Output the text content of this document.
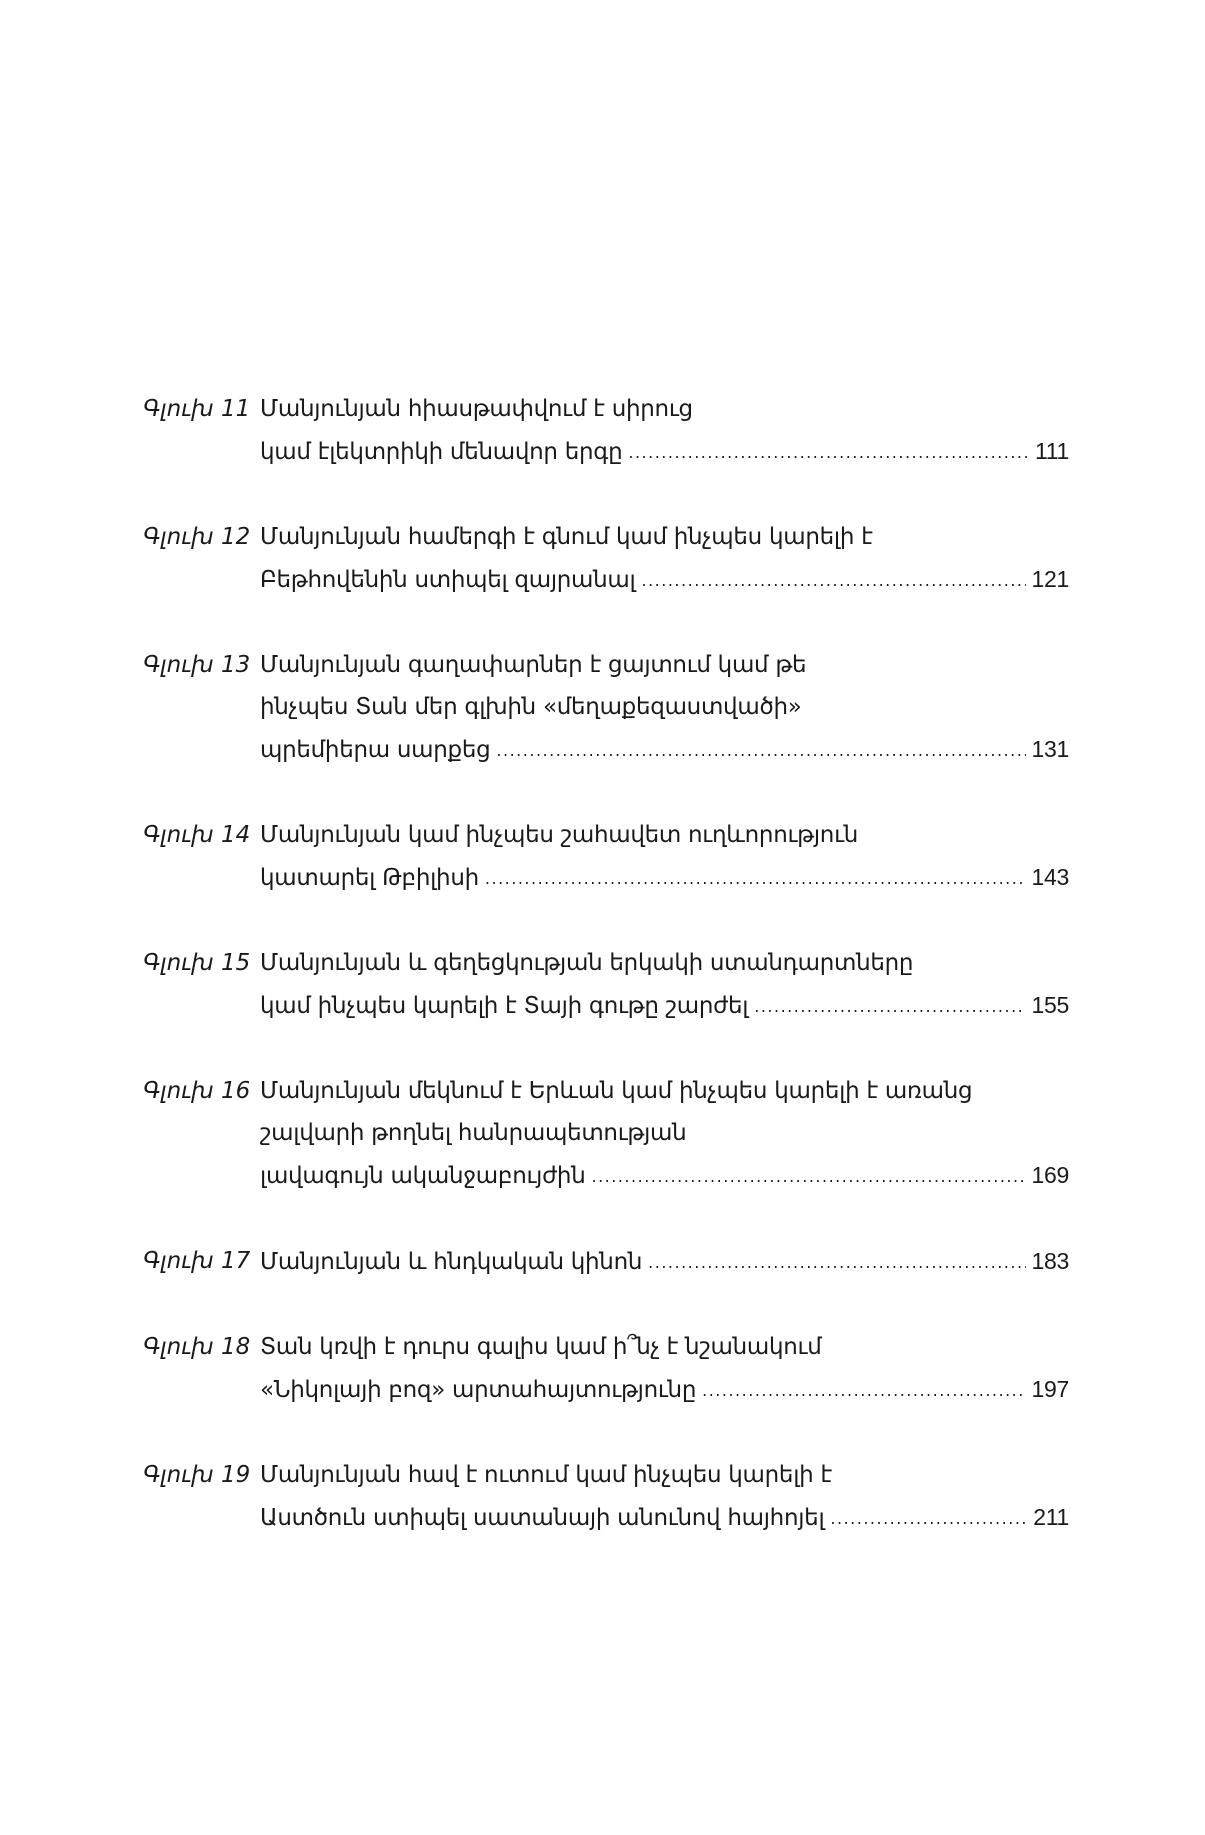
Գլուխ 11 Մանյունյան հիասթափվում է սիրուց
կամ էլեկտրիկի մենավոր երգը .....	111
Գլուխ 12 Մանյունյան համերգի է գնում կամ ինչպես կարելի է
Բեթհովենին ստիպել զայրանալ .....	121
Գլուխ 13 Մանյունյան գաղափարներ է ցայտում կամ թե
ինչպես Տան մեր գլխին «մեղաքեզաստվածի»
պրեմիերա սարքեց .....	131
Գլուխ 14 Մանյունյան կամ ինչպես շահավետ ուղևորություն
կատարել Թբիլիսի .....	143
Գլուխ 15 Մանյունյան և գեղեցկության երկակի ստանդարտները
կամ ինչպես կարելի է Տայի գութը շարժել .....	155
Գլուխ 16 Մանյունյան մեկնում է Երևան կամ ինչպես կարելի է առանց
շալվարի թողնել հանրապետության
լավագույն ականջաբույժին .....	169
Գլուխ 17 Մանյունյան և հնդկական կինոն .....	183
Գլուխ 18 Տան կռվի է դուրս գալիս կամ ի՞նչ է նշանակում
«Նիկոլայի բոզ» արտահայտությունը .....	197
Գլուխ 19 Մանյունյան հավ է ուտում կամ ինչպես կարելի է
Աստծուն ստիպել սատանայի անունով հայհոյել .....	211
